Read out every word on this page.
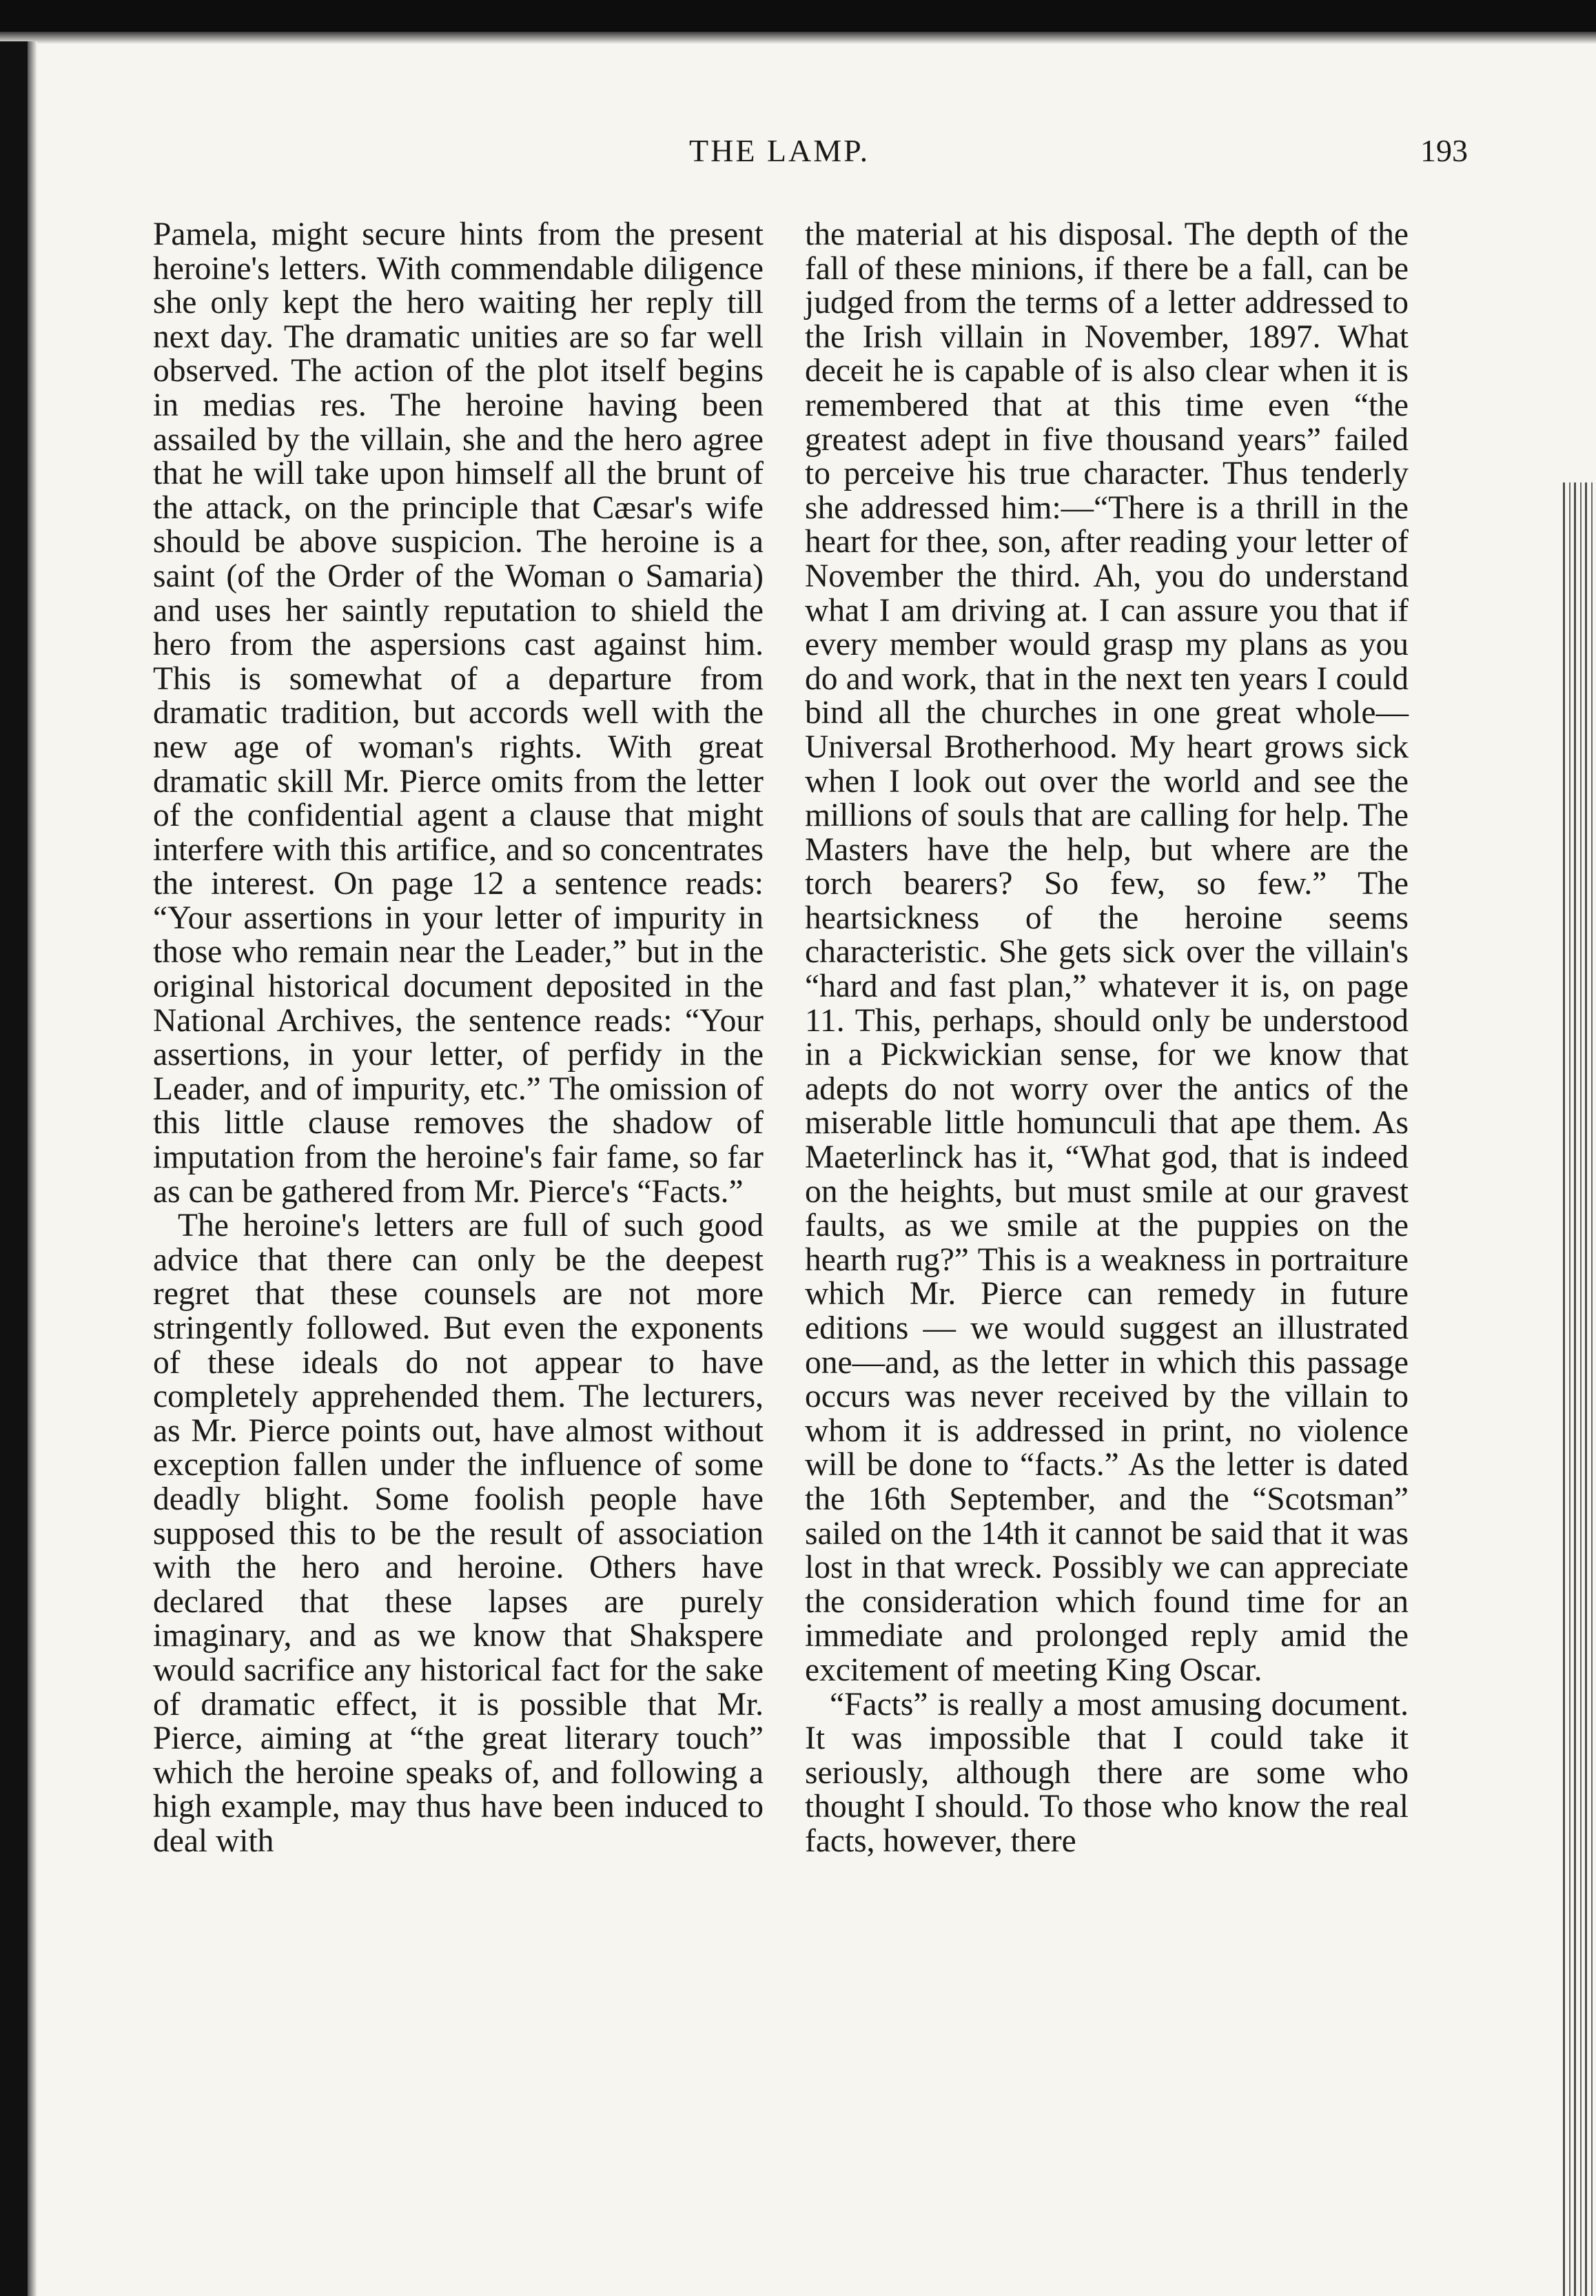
THE LAMP.	193

Pamela, might secure hints from the present heroine's letters. With commendable diligence she only kept the hero waiting her reply till next day. The dramatic unities are so far well observed. The action of the plot itself begins in medias res. The heroine having been assailed by the villain, she and the hero agree that he will take upon himself all the brunt of the attack, on the principle that Cæsar's wife should be above suspicion. The heroine is a saint (of the Order of the Woman o Samaria) and uses her saintly reputation to shield the hero from the aspersions cast against him. This is somewhat of a departure from dramatic tradition, but accords well with the new age of woman's rights. With great dramatic skill Mr. Pierce omits from the letter of the confidential agent a clause that might interfere with this artifice, and so concentrates the interest. On page 12 a sentence reads: “Your assertions in your letter of impurity in those who remain near the Leader,” but in the original historical document deposited in the National Archives, the sentence reads: “Your assertions, in your letter, of perfidy in the Leader, and of impurity, etc.” The omission of this little clause removes the shadow of imputation from the heroine's fair fame, so far as can be gathered from Mr. Pierce's “Facts.”

The heroine's letters are full of such good advice that there can only be the deepest regret that these counsels are not more stringently followed. But even the exponents of these ideals do not appear to have completely apprehended them. The lecturers, as Mr. Pierce points out, have almost without exception fallen under the influence of some deadly blight. Some foolish people have supposed this to be the result of association with the hero and heroine. Others have declared that these lapses are purely imaginary, and as we know that Shakspere would sacrifice any historical fact for the sake of dramatic effect, it is possible that Mr. Pierce, aiming at “the great literary touch” which the heroine speaks of, and following a high example, may thus have been induced to deal with

the material at his disposal. The depth of the fall of these minions, if there be a fall, can be judged from the terms of a letter addressed to the Irish villain in November, 1897. What deceit he is capable of is also clear when it is remembered that at this time even “the greatest adept in five thousand years” failed to perceive his true character. Thus tenderly she addressed him:—“There is a thrill in the heart for thee, son, after reading your letter of November the third. Ah, you do understand what I am driving at. I can assure you that if every member would grasp my plans as you do and work, that in the next ten years I could bind all the churches in one great whole—Universal Brotherhood. My heart grows sick when I look out over the world and see the millions of souls that are calling for help. The Masters have the help, but where are the torch bearers? So few, so few.” The heartsickness of the heroine seems characteristic. She gets sick over the villain's “hard and fast plan,” whatever it is, on page 11. This, perhaps, should only be understood in a Pickwickian sense, for we know that adepts do not worry over the antics of the miserable little homunculi that ape them. As Maeterlinck has it, “What god, that is indeed on the heights, but must smile at our gravest faults, as we smile at the puppies on the hearth rug?” This is a weakness in portraiture which Mr. Pierce can remedy in future editions — we would suggest an illustrated one—and, as the letter in which this passage occurs was never received by the villain to whom it is addressed in print, no violence will be done to “facts.” As the letter is dated the 16th September, and the “Scotsman” sailed on the 14th it cannot be said that it was lost in that wreck. Possibly we can appreciate the consideration which found time for an immediate and prolonged reply amid the excitement of meeting King Oscar.

“Facts” is really a most amusing document. It was impossible that I could take it seriously, although there are some who thought I should. To those who know the real facts, however, there
